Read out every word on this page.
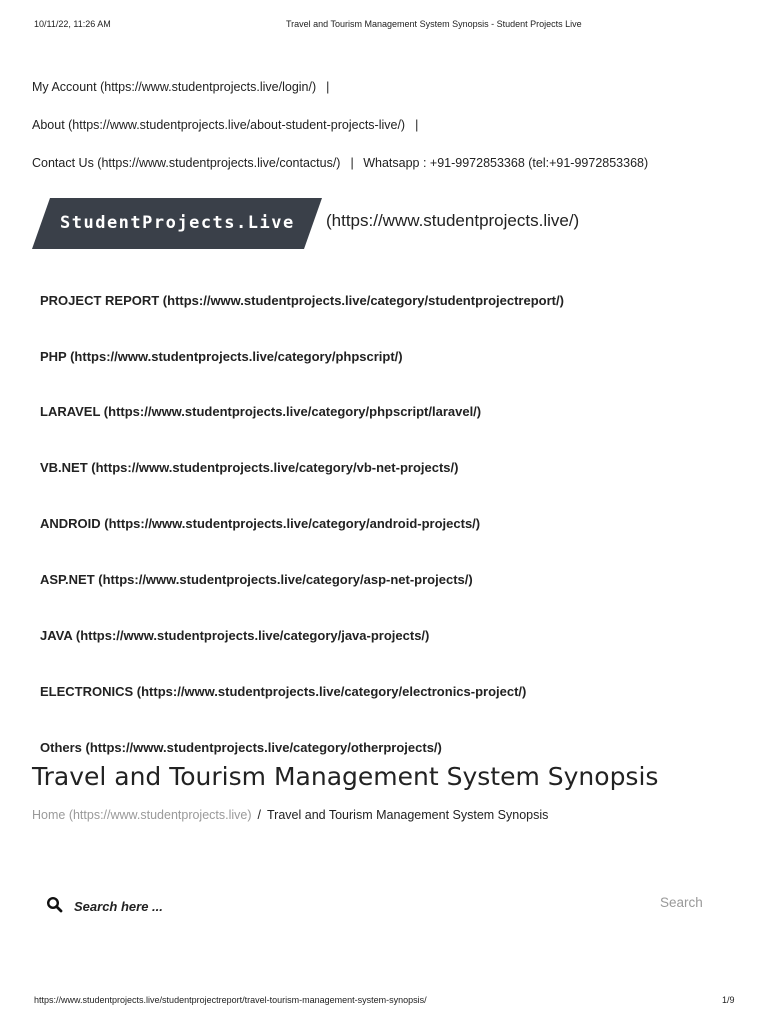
10/11/22, 11:26 AM	Travel and Tourism Management System Synopsis - Student Projects Live
My Account (https://www.studentprojects.live/login/) |
About (https://www.studentprojects.live/about-student-projects-live/) |
Contact Us (https://www.studentprojects.live/contactus/) | Whatsapp : +91-9972853368 (tel:+91-9972853368)
StudentProjects.Live (https://www.studentprojects.live/)
PROJECT REPORT (https://www.studentprojects.live/category/studentprojectreport/)
PHP (https://www.studentprojects.live/category/phpscript/)
LARAVEL (https://www.studentprojects.live/category/phpscript/laravel/)
VB.NET (https://www.studentprojects.live/category/vb-net-projects/)
ANDROID (https://www.studentprojects.live/category/android-projects/)
ASP.NET (https://www.studentprojects.live/category/asp-net-projects/)
JAVA (https://www.studentprojects.live/category/java-projects/)
ELECTRONICS (https://www.studentprojects.live/category/electronics-project/)
Others (https://www.studentprojects.live/category/otherprojects/)
Travel and Tourism Management System Synopsis
Home (https://www.studentprojects.live) / Travel and Tourism Management System Synopsis
Search here ...
Search
https://www.studentprojects.live/studentprojectreport/travel-tourism-management-system-synopsis/	1/9
